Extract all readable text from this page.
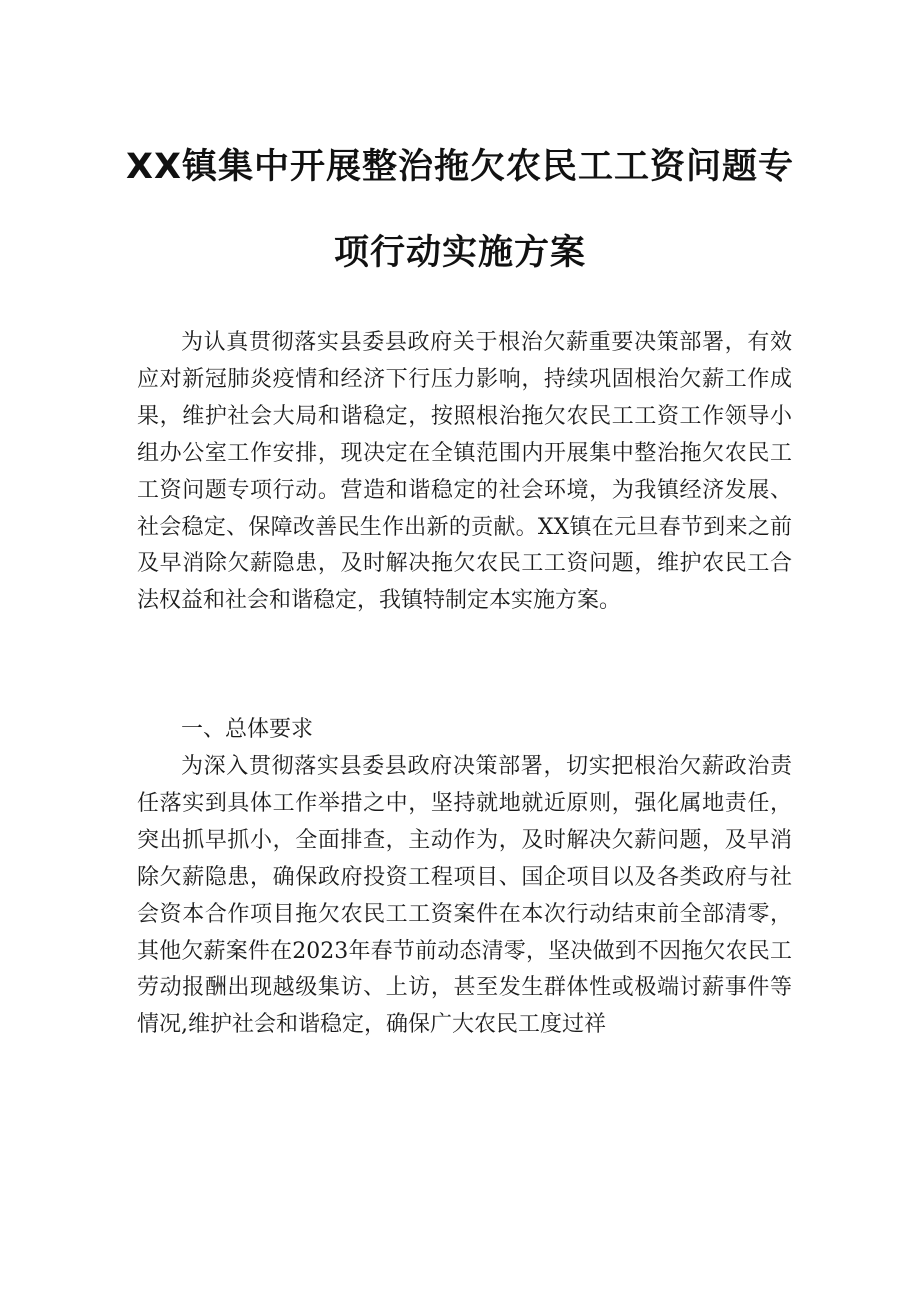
XX镇集中开展整治拖欠农民工工资问题专
项行动实施方案

为认真贯彻落实县委县政府关于根治欠薪重要决策部署，有效应对新冠肺炎疫情和经济下行压力影响，持续巩固根治欠薪工作成果，维护社会大局和谐稳定，按照根治拖欠农民工工资工作领导小组办公室工作安排，现决定在全镇范围内开展集中整治拖欠农民工工资问题专项行动。营造和谐稳定的社会环境，为我镇经济发展、社会稳定、保障改善民生作出新的贡献。XX镇在元旦春节到来之前及早消除欠薪隐患，及时解决拖欠农民工工资问题，维护农民工合法权益和社会和谐稳定，我镇特制定本实施方案。

一、总体要求

为深入贯彻落实县委县政府决策部署，切实把根治欠薪政治责任落实到具体工作举措之中，坚持就地就近原则，强化属地责任，突出抓早抓小，全面排查，主动作为，及时解决欠薪问题，及早消除欠薪隐患，确保政府投资工程项目、国企项目以及各类政府与社会资本合作项目拖欠农民工工资案件在本次行动结束前全部清零，其他欠薪案件在2023年春节前动态清零，坚决做到不因拖欠农民工劳动报酬出现越级集访、上访，甚至发生群体性或极端讨薪事件等情况,维护社会和谐稳定，确保广大农民工度过祥
